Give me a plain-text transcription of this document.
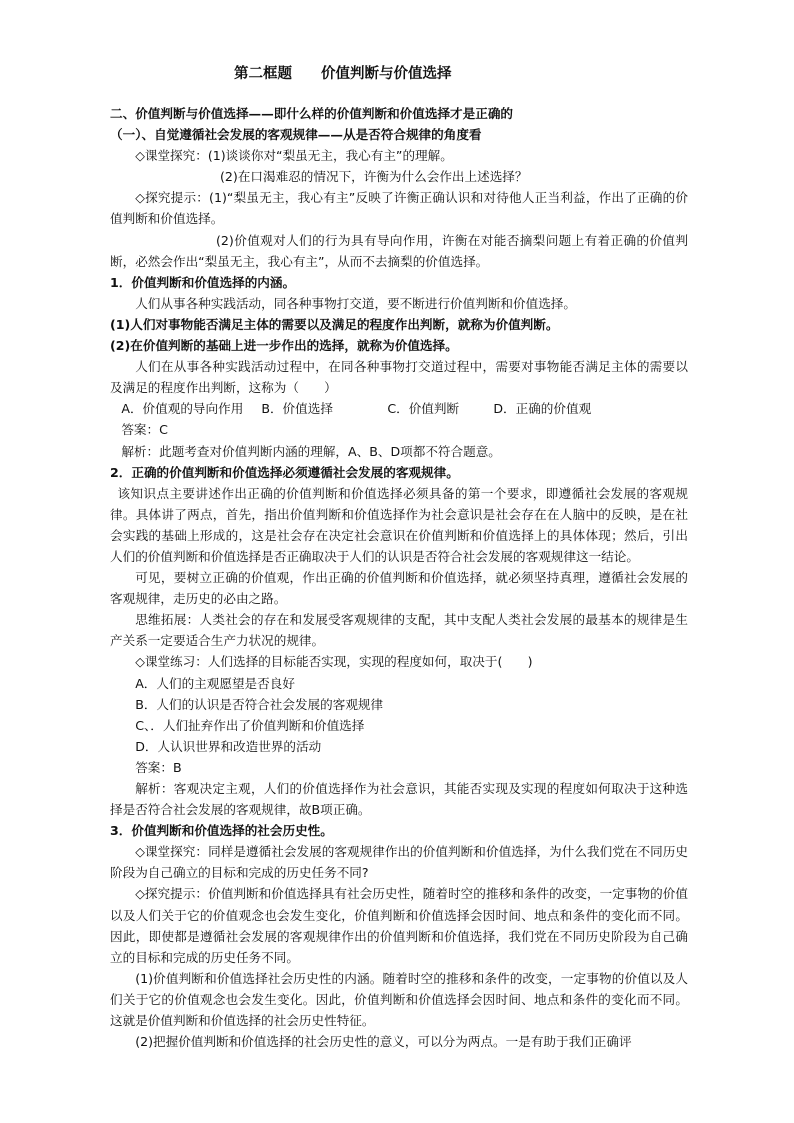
第二框题　　价值判断与价值选择

二、价值判断与价值选择——即什么样的价值判断和价值选择才是正确的

（一）、自觉遵循社会发展的客观规律——从是否符合规律的角度看

◇课堂探究：(1)谈谈你对“梨虽无主，我心有主”的理解。

(2)在口渴难忍的情况下，许衡为什么会作出上述选择？

◇探究提示：(1)“梨虽无主，我心有主”反映了许衡正确认识和对待他人正当利益，作出了正确的价值判断和价值选择。

(2)价值观对人们的行为具有导向作用，许衡在对能否摘梨问题上有着正确的价值判断，必然会作出“梨虽无主，我心有主”，从而不去摘梨的价值选择。

1．价值判断和价值选择的内涵。

人们从事各种实践活动，同各种事物打交道，要不断进行价值判断和价值选择。

(1)人们对事物能否满足主体的需要以及满足的程度作出判断，就称为价值判断。

(2)在价值判断的基础上进一步作出的选择，就称为价值选择。

人们在从事各种实践活动过程中，在同各种事物打交道过程中，需要对事物能否满足主体的需要以及满足的程度作出判断，这称为（　　）

A．价值观的导向作用 B．价值选择	C．价值判断	D．正确的价值观

答案：C

解析：此题考查对价值判断内涵的理解，A、B、D项都不符合题意。

2．正确的价值判断和价值选择必须遵循社会发展的客观规律。

该知识点主要讲述作出正确的价值判断和价值选择必须具备的第一个要求，即遵循社会发展的客观规律。具体讲了两点，首先，指出价值判断和价值选择作为社会意识是社会存在在人脑中的反映，是在社会实践的基础上形成的，这是社会存在决定社会意识在价值判断和价值选择上的具体体现；然后，引出人们的价值判断和价值选择是否正确取决于人们的认识是否符合社会发展的客观规律这一结论。

可见，要树立正确的价值观，作出正确的价值判断和价值选择，就必须坚持真理，遵循社会发展的客观规律，走历史的必由之路。

思维拓展：人类社会的存在和发展受客观规律的支配，其中支配人类社会发展的最基本的规律是生产关系一定要适合生产力状况的规律。

◇课堂练习：人们选择的目标能否实现，实现的程度如何，取决于(　　)

A．人们的主观愿望是否良好

B．人们的认识是否符合社会发展的客观规律

C、．人们扯弃作出了价值判断和价值选择

D．人认识世界和改造世界的活动

答案：B

解析：客观决定主观，人们的价值选择作为社会意识，其能否实现及实现的程度如何取决于这种选择是否符合社会发展的客观规律，故B项正确。

3．价值判断和价值选择的社会历史性。

◇课堂探究：同样是遵循社会发展的客观规律作出的价值判断和价值选择，为什么我们党在不同历史阶段为自己确立的目标和完成的历史任务不同?

◇探究提示：价值判断和价值选择具有社会历史性，随着时空的推移和条件的改变，一定事物的价值以及人们关于它的价值观念也会发生变化，价值判断和价值选择会因时间、地点和条件的变化而不同。因此，即使都是遵循社会发展的客观规律作出的价值判断和价值选择，我们党在不同历史阶段为自己确立的目标和完成的历史任务不同。

(1)价值判断和价值选择社会历史性的内涵。随着时空的推移和条件的改变，一定事物的价值以及人们关于它的价值观念也会发生变化。因此，价值判断和价值选择会因时间、地点和条件的变化而不同。这就是价值判断和价值选择的社会历史性特征。

(2)把握价值判断和价值选择的社会历史性的意义，可以分为两点。一是有助于我们正确评
